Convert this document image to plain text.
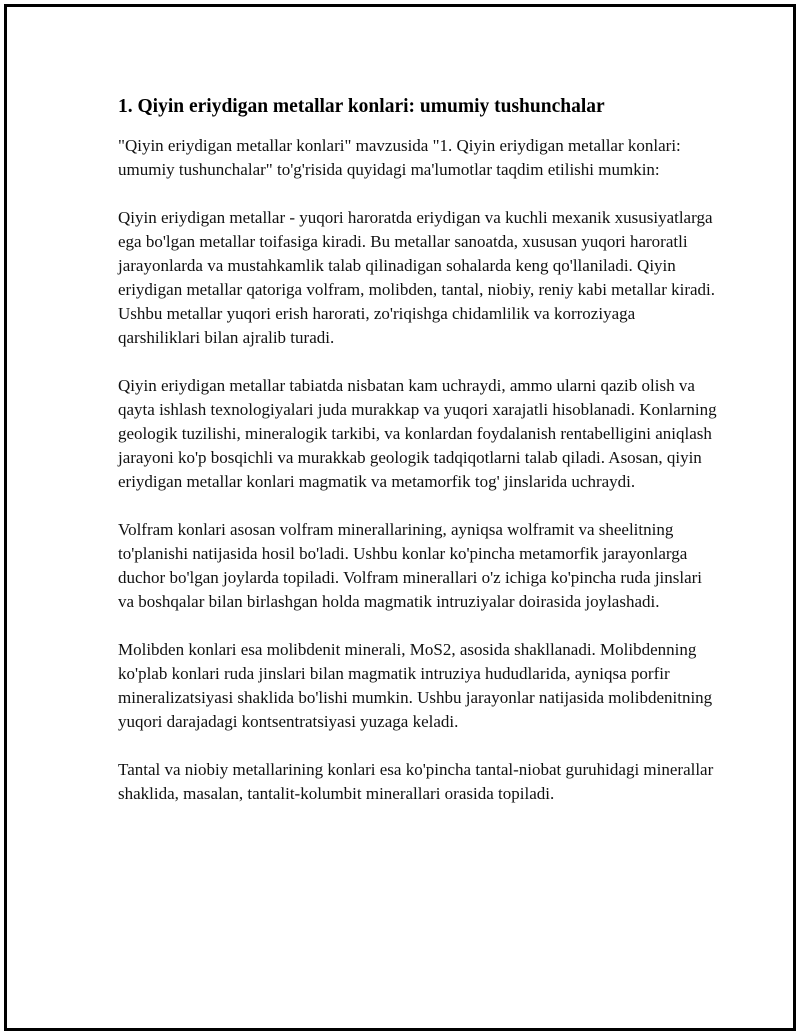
1. Qiyin eriydigan metallar konlari: umumiy tushunchalar

"Qiyin eriydigan metallar konlari" mavzusida "1. Qiyin eriydigan metallar konlari: umumiy tushunchalar" to'g'risida quyidagi ma'lumotlar taqdim etilishi mumkin:

Qiyin eriydigan metallar - yuqori haroratda eriydigan va kuchli mexanik xususiyatlarga ega bo'lgan metallar toifasiga kiradi. Bu metallar sanoatda, xususan yuqori haroratli jarayonlarda va mustahkamlik talab qilinadigan sohalarda keng qo'llaniladi. Qiyin eriydigan metallar qatoriga volfram, molibden, tantal, niobiy, reniy kabi metallar kiradi. Ushbu metallar yuqori erish harorati, zo'riqishga chidamlilik va korroziyaga qarshiliklari bilan ajralib turadi.

Qiyin eriydigan metallar tabiatda nisbatan kam uchraydi, ammo ularni qazib olish va qayta ishlash texnologiyalari juda murakkap va yuqori xarajatli hisoblanadi. Konlarning geologik tuzilishi, mineralogik tarkibi, va konlardan foydalanish rentabelligini aniqlash jarayoni ko'p bosqichli va murakkab geologik tadqiqotlarni talab qiladi. Asosan, qiyin eriydigan metallar konlari magmatik va metamorfik tog' jinslarida uchraydi.

Volfram konlari asosan volfram minerallarining, ayniqsa wolframit va sheelitning to'planishi natijasida hosil bo'ladi. Ushbu konlar ko'pincha metamorfik jarayonlarga duchor bo'lgan joylarda topiladi. Volfram minerallari o'z ichiga ko'pincha ruda jinslari va boshqalar bilan birlashgan holda magmatik intruziyalar doirasida joylashadi.

Molibden konlari esa molibdenit minerali, MoS2, asosida shakllanadi. Molibdenning ko'plab konlari ruda jinslari bilan magmatik intruziya hududlarida, ayniqsa porfir mineralizatsiyasi shaklida bo'lishi mumkin. Ushbu jarayonlar natijasida molibdenitning yuqori darajadagi kontsentratsiyasi yuzaga keladi.

Tantal va niobiy metallarining konlari esa ko'pincha tantal-niobat guruhidagi minerallar shaklida, masalan, tantalit-kolumbit minerallari orasida topiladi.
